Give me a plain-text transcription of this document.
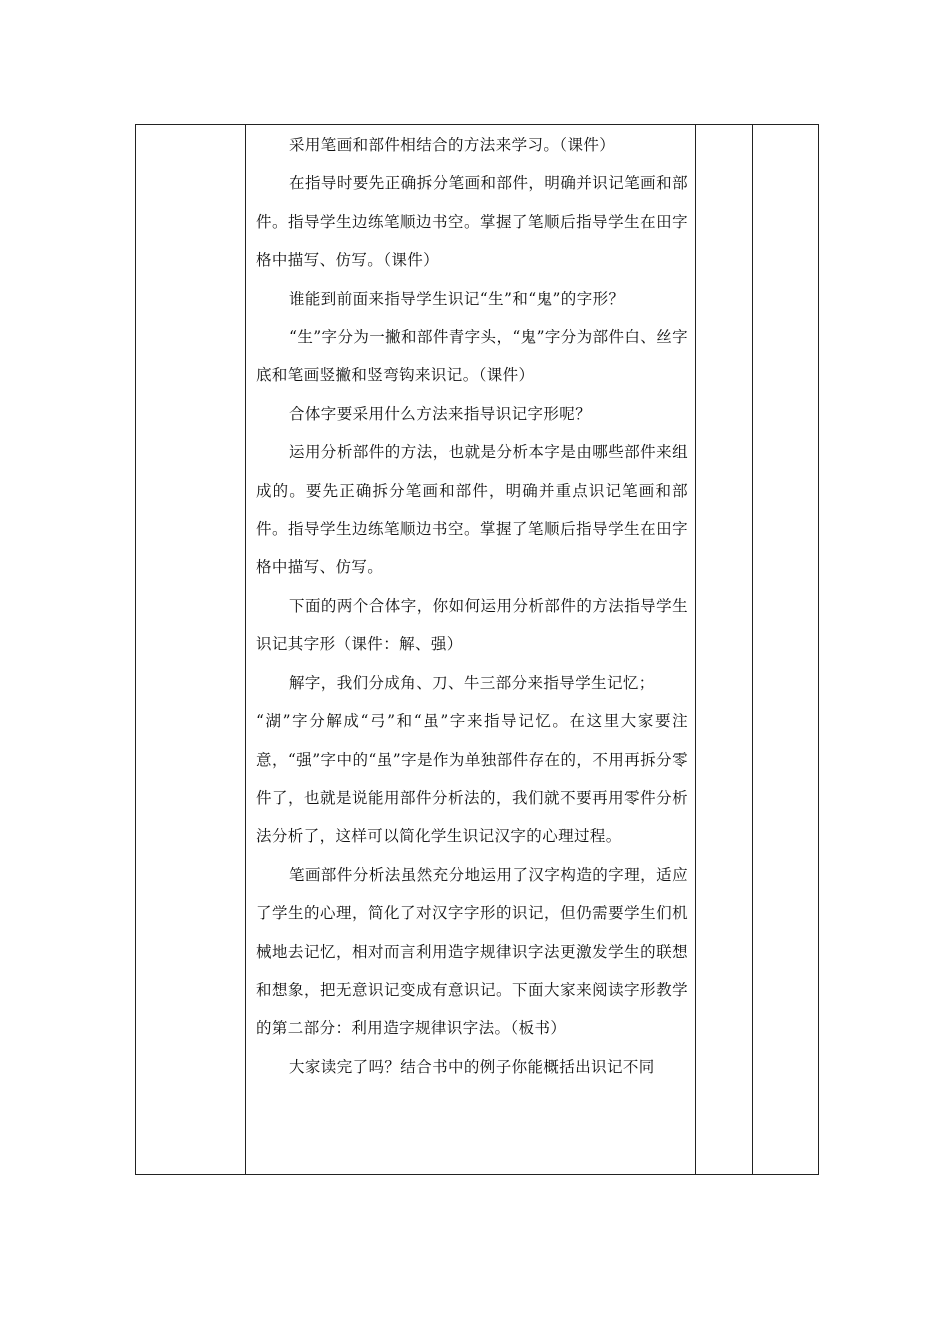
采用笔画和部件相结合的方法来学习。（课件）

在指导时要先正确拆分笔画和部件，明确并识记笔画和部件。指导学生边练笔顺边书空。掌握了笔顺后指导学生在田字格中描写、仿写。（课件）

谁能到前面来指导学生识记“生”和“鬼”的字形？

“生”字分为一撇和部件青字头，“鬼”字分为部件白、丝字底和笔画竖撇和竖弯钩来识记。（课件）

合体字要采用什么方法来指导识记字形呢？

运用分析部件的方法，也就是分析本字是由哪些部件来组成的。要先正确拆分笔画和部件，明确并重点识记笔画和部件。指导学生边练笔顺边书空。掌握了笔顺后指导学生在田字格中描写、仿写。

下面的两个合体字，你如何运用分析部件的方法指导学生识记其字形（课件：解、强）

解字，我们分成角、刀、牛三部分来指导学生记忆；

“湖”字分解成“弓”和“虽”字来指导记忆。在这里大家要注意，“强”字中的“虽”字是作为单独部件存在的，不用再拆分零件了，也就是说能用部件分析法的，我们就不要再用零件分析法分析了，这样可以简化学生识记汉字的心理过程。

笔画部件分析法虽然充分地运用了汉字构造的字理，适应了学生的心理，简化了对汉字字形的识记，但仍需要学生们机械地去记忆，相对而言利用造字规律识字法更激发学生的联想和想象，把无意识记变成有意识记。下面大家来阅读字形教学的第二部分：利用造字规律识字法。（板书）

大家读完了吗？结合书中的例子你能概括出识记不同
